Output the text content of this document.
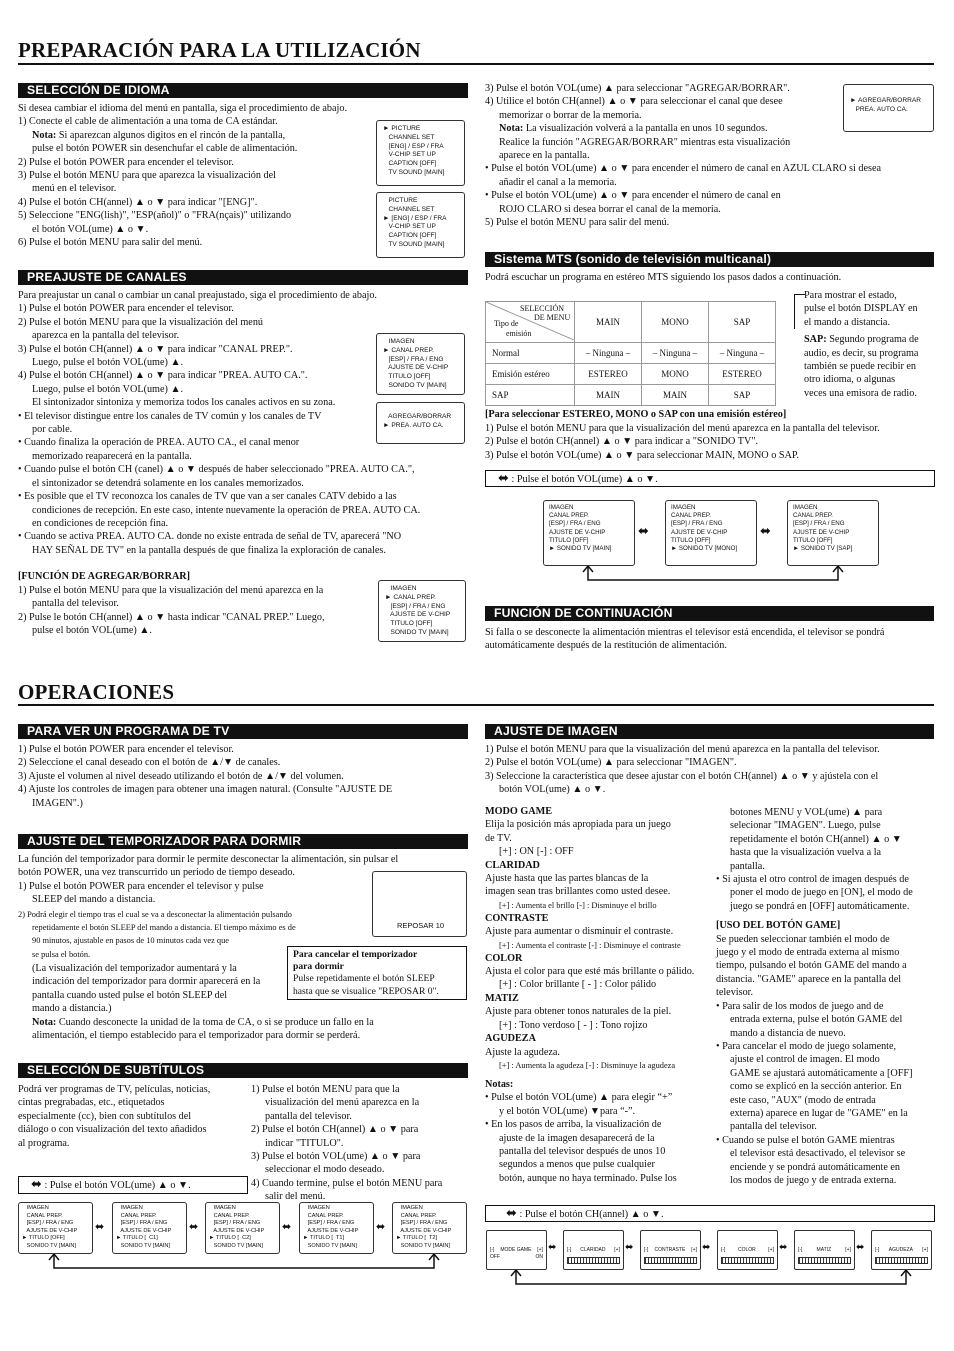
PREPARACIÓN PARA LA UTILIZACIÓN
SELECCIÓN DE IDIOMA

Si desea cambiar el idioma del menú en pantalla, siga el procedimiento de abajo.

1) Conecte el cable de alimentación a una toma de CA estándar.

Nota: Si aparezcan algunos digitos en el rincón de la pantalla,

pulse el botón POWER sin desenchufar el cable de alimentación.

2) Pulse el botón POWER para encender el televisor.

3) Pulse el botón MENU para que aparezca la visualización del

menú en el televisor.

4) Pulse el botón CH(annel) ▲ o ▼ para indicar "[ENG]".

5) Seleccione "ENG(lish)", "ESP(añol)" o "FRA(nçais)" utilizando

el botón VOL(ume) ▲ o ▼.

6) Pulse el botón MENU para salir del menú.

► PICTURE
CHANNEL SET
[ENG] / ESP / FRA
V-CHIP SET UP
CAPTION [OFF]
TV SOUND [MAIN]
PICTURE
CHANNEL SET
► [ENG] / ESP / FRA
V-CHIP SET UP
CAPTION [OFF]
TV SOUND [MAIN]
PREAJUSTE DE CANALES

Para preajustar un canal o cambiar un canal preajustado, siga el procedimiento de abajo.

1) Pulse el botón POWER para encender el televisor.

2) Pulse el botón MENU para que la visualización del menú

aparezca en la pantalla del televisor.

3) Pulse el botón CH(annel) ▲ o ▼ para indicar "CANAL PREP.".

Luego, pulse el botón VOL(ume) ▲.

4) Pulse el botón CH(annel) ▲ o ▼ para indicar "PREA. AUTO CA.".

Luego, pulse el botón VOL(ume) ▲.

El sintonizador sintoniza y memoriza todos los canales activos en su zona.

• El televisor distingue entre los canales de TV común y los canales de TV

por cable.

• Cuando finaliza la operación de PREA. AUTO CA., el canal menor

memorizado reaparecerá en la pantalla.

• Cuando pulse el botón CH (canel) ▲ o ▼ después de haber seleccionado "PREA. AUTO CA.",

el sintonizador se detendrá solamente en los canales memorizados.

• Es posible que el TV reconozca los canales de TV que van a ser canales CATV debido a las

condiciones de recepción. En este caso, intente nuevamente la operación de PREA. AUTO CA.

en condiciones de recepción fina.

• Cuando se activa PREA. AUTO CA. donde no existe entrada de señal de TV, aparecerá "NO

HAY SEÑAL DE TV" en la pantalla después de que finaliza la exploración de canales.

IMAGEN
► CANAL PREP.
[ESP] / FRA / ENG
AJUSTE DE V-CHIP
TITULO [OFF]
SONIDO TV [MAIN]
AGREGAR/BORRAR
► PREA. AUTO CA.
[FUNCIÓN DE AGREGAR/BORRAR]

1) Pulse el botón MENU para que la visualización del menú aparezca en la

pantalla del televisor.

2) Pulse le botón CH(annel) ▲ o ▼ hasta indicar "CANAL PREP." Luego,

pulse el botón VOL(ume) ▲.

IMAGEN
► CANAL PREP.
[ESP] / FRA / ENG
AJUSTE DE V-CHIP
TITULO [OFF]
SONIDO TV [MAIN]

3) Pulse el botón VOL(ume) ▲ para seleccionar "AGREGAR/BORRAR".

4) Utilice el botón CH(annel) ▲ o ▼ para seleccionar el canal que desee

memorizar o borrar de la memoria.

Nota: La visualización volverá a la pantalla en unos 10 segundos.

Realice la función "AGREGAR/BORRAR" mientras esta visualización

aparece en la pantalla.

• Pulse el botón VOL(ume) ▲ o ▼ para encender el número de canal en AZUL CLARO si desea

añadir el canal a la memoria.

• Pulse el botón VOL(ume) ▲ o ▼ para encender el número de canal en

ROJO CLARO si desea borrar el canal de la memoria.

5) Pulse el botón MENU para salir del menú.

► AGREGAR/BORRAR
PREA. AUTO CA.
Sistema MTS (sonido de televisión multicanal)
Podrá escuchar un programa en estéreo MTS siguiendo los pasos dados a continuación.
SELECCIÓN
DE MENU
Tipo de
emisión	MAIN	MONO	SAP
Normal	– Ninguna –	– Ninguna –	– Ninguna –
Emisión estéreo	ESTEREO	MONO	ESTEREO
SAP	MAIN	MAIN	SAP

Para mostrar el estado,

pulse el botón DISPLAY en

el mando a distancia.

SAP: Segundo programa de

audio, es decir, su programa

también se puede recibir en

otro idioma, o algunas

veces una emisora de radio.

[Para seleccionar ESTEREO, MONO o SAP con una emisión estéreo]

1) Pulse el botón MENU para que la visualización del menú aparezca en la pantalla del televisor.

2) Pulse el botón CH(annel) ▲ o ▼ para indicar a "SONIDO TV".

3) Pulse el botón VOL(ume) ▲ o ▼ para seleccionar MAIN, MONO o SAP.

⬌ : Pulse el botón VOL(ume) ▲ o ▼.
IMAGEN
CANAL PREP.
[ESP] / FRA / ENG
AJUSTE DE V-CHIP
TITULO [OFF]
► SONIDO TV [MAIN]
IMAGEN
CANAL PREP.
[ESP] / FRA / ENG
AJUSTE DE V-CHIP
TITULO [OFF]
► SONIDO TV [MONO]
IMAGEN
CANAL PREP.
[ESP] / FRA / ENG
AJUSTE DE V-CHIP
TITULO [OFF]
► SONIDO TV [SAP]
⬌	⬌
FUNCIÓN DE CONTINUACIÓN

Si falla o se desconecte la alimentación mientras el televisor está encendida, el televisor se pondrá

automáticamente después de la restitución de alimentación.

OPERACIONES
PARA VER UN PROGRAMA DE TV

1) Pulse el botón POWER para encender el televisor.

2) Seleccione el canal deseado con el botón de ▲/▼ de canales.

3) Ajuste el volumen al nivel deseado utilizando el botón de ▲/▼ del volumen.

4) Ajuste los controles de imagen para obtener una imagen natural. (Consulte "AJUSTE DE

IMAGEN".)

AJUSTE DEL TEMPORIZADOR PARA DORMIR

La función del temporizador para dormir le permite desconectar la alimentación, sin pulsar el

botón POWER, una vez transcurrido un periodo de tiempo deseado.

1) Pulse el botón POWER para encender el televisor y pulse

SLEEP del mando a distancia.

2) Podrá elegir el tiempo tras el cual se va a desconectar la alimentación pulsando

repetidamente el botón SLEEP del mando a distancia. El tiempo máximo es de

90 minutos, ajustable en pasos de 10 minutos cada vez que

se pulsa el botón.

(La visualización del temporizador aumentará y la

indicación del temporizador para dormir aparecerá en la

pantalla cuando usted pulse el botón SLEEP del

mando a distancia.)

Nota: Cuando desconecte la unidad de la toma de CA, o si se produce un fallo en la

alimentación, el tiempo establecido para el temporizador para dormir se perderá.

REPOSAR 10

Para cancelar el temporizador

para dormir

Pulse repetidamente el botón SLEEP

hasta que se visualice "REPOSAR 0".

SELECCIÓN DE SUBTÍTULOS

Podrá ver programas de TV, películas, noticias,

cintas pregrabadas, etc., etiquetados

especialmente (cc), bien con subtítulos del

diálogo o con visualización del texto añadidos

al programa.

1) Pulse el botón MENU para que la

visualización del menú aparezca en la

pantalla del televisor.

2) Pulse el botón CH(annel) ▲ o ▼ para

indicar "TITULO".

3) Pulse el botón VOL(ume) ▲ o ▼ para

seleccionar el modo deseado.

4) Cuando termine, pulse el botón MENU para

salir del menú.

⬌ : Pulse el botón VOL(ume) ▲ o ▼.
IMAGEN
CANAL PREP.
[ESP] / FRA / ENG
AJUSTE DE V-CHIP
► TITULO [OFF]
SONIDO TV [MAIN]
IMAGEN
CANAL PREP.
[ESP] / FRA / ENG
AJUSTE DE V-CHIP
► TITULO [  C1]
SONIDO TV [MAIN]
IMAGEN
CANAL PREP.
[ESP] / FRA / ENG
AJUSTE DE V-CHIP
► TITULO [  C2]
SONIDO TV [MAIN]
IMAGEN
CANAL PREP.
[ESP] / FRA / ENG
AJUSTE DE V-CHIP
► TITULO [  T1]
SONIDO TV [MAIN]
IMAGEN
CANAL PREP.
[ESP] / FRA / ENG
AJUSTE DE V-CHIP
► TITULO [  T2]
SONIDO TV [MAIN]
⬌	⬌	⬌	⬌
AJUSTE DE IMAGEN

1) Pulse el botón MENU para que la visualización del menú aparezca en la pantalla del televisor.

2) Pulse el botón VOL(ume) ▲ para seleccionar "IMAGEN".

3) Seleccione la característica que desee ajustar con el botón CH(annel) ▲ o ▼ y ajústela con el

botón VOL(ume) ▲ o ▼.

MODO GAME

Elija la posición más apropiada para un juego

de TV.

[+] : ON [-] : OFF

CLARIDAD

Ajuste hasta que las partes blancas de la

imagen sean tras brillantes como usted desee.

[+] : Aumenta el brillo [-] : Disminuye el brillo

CONTRASTE

Ajuste para aumentar o disminuir el contraste.

[+] : Aumenta el contraste [-] : Disminuye el contraste

COLOR

Ajusta el color para que esté más brillante o pálido.

[+] : Color brillante [ - ] : Color pálido

MATIZ

Ajuste para obtener tonos naturales de la piel.

[+] : Tono verdoso [ - ] : Tono rojizo

AGUDEZA

Ajuste la agudeza.

[+] : Aumenta la agudeza [-] : Disminuye la agudeza

Notas:

• Pulse el botón VOL(ume) ▲ para elegir “+”

y el botón VOL(ume) ▼para “-”.

• En los pasos de arriba, la visualización de

ajuste de la imagen desaparecerá de la

pantalla del televisor después de unos 10

segundos a menos que pulse cualquier

botón, aunque no haya terminado. Pulse los

botones MENU y VOL(ume) ▲ para

selecionar "IMAGEN". Luego, pulse

repetidamente el botón CH(annel) ▲ o ▼

hasta que la visualización vuelva a la

pantalla.

• Si ajusta el otro control de imagen después de

poner el modo de juego en [ON], el modo de

juego se pondrá en [OFF] automáticamente.

[USO DEL BOTÓN GAME]

Se pueden seleccionar también el modo de

juego y el modo de entrada externa al mismo

tiempo, pulsando el botón GAME del mando a

distancia. "GAME" aparece en la pantalla del

televisor.

• Para salir de los modos de juego and de

entrada externa, pulse el botón GAME del

mando a distancia de nuevo.

• Para cancelar el modo de juego solamente,

ajuste el control de imagen. El modo

GAME se ajustará automáticamente a [OFF]

como se explicó en la sección anterior. En

este caso, "AUX" (modo de entrada

externa) aparece en lugar de "GAME" en la

pantalla del televisor.

• Cuando se pulse el botón GAME mientras

el televisor está desactivado, el televisor se

enciende y se pondrá automáticamente en

los modos de juego y de entrada externa.

⬌ : Pulse el botón CH(annel) ▲ o ▼.
[-] MODE GAME [+]
OFF	ON
[-] CLARIDAD [+]	[-] CONTRASTE [+]	[-]	COLOR	[+]	[-]	MATIZ	[+]	[-] AGUDEZA [+]
⬌	⬌	⬌	⬌	⬌
